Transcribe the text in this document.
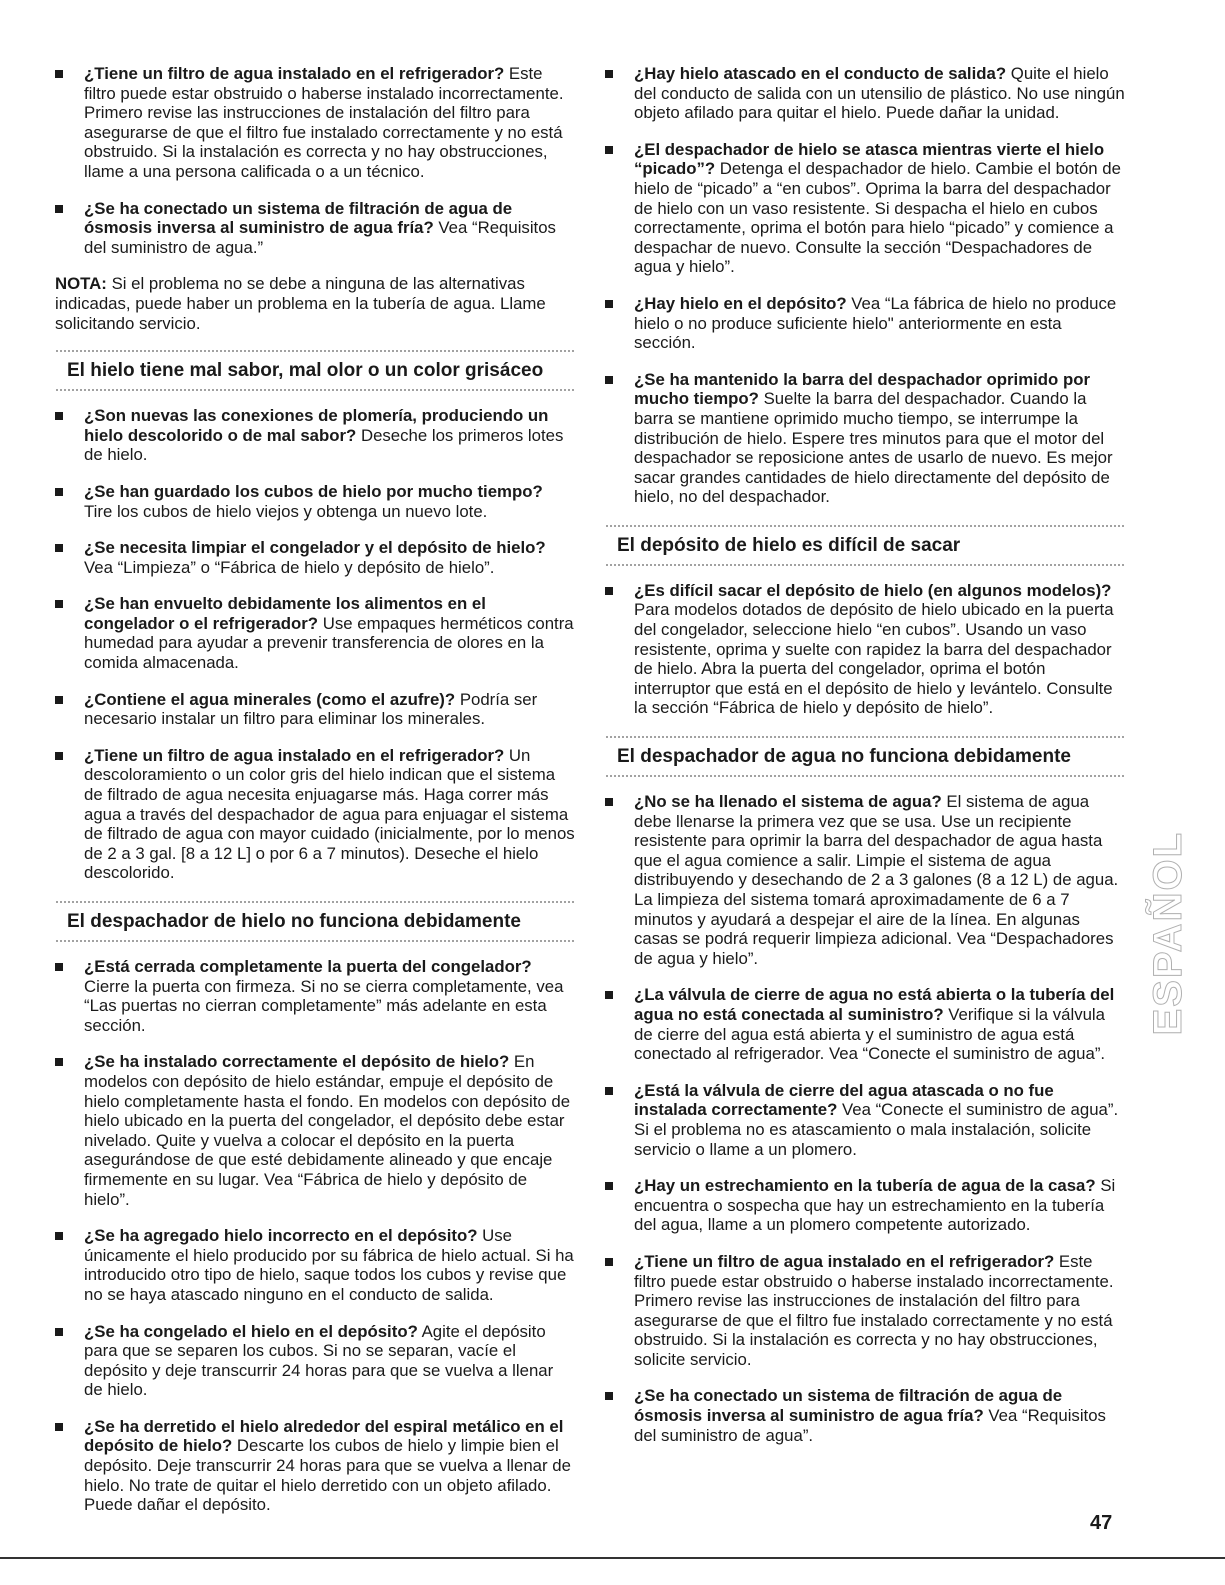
¿Tiene un filtro de agua instalado en el refrigerador? Este filtro puede estar obstruido o haberse instalado incorrectamente. Primero revise las instrucciones de instalación del filtro para asegurarse de que el filtro fue instalado correctamente y no está obstruido. Si la instalación es correcta y no hay obstrucciones, llame a una persona calificada o a un técnico.
¿Se ha conectado un sistema de filtración de agua de ósmosis inversa al suministro de agua fría? Vea “Requisitos del suministro de agua.”
NOTA: Si el problema no se debe a ninguna de las alternativas indicadas, puede haber un problema en la tubería de agua. Llame solicitando servicio.
El hielo tiene mal sabor, mal olor o un color grisáceo
¿Son nuevas las conexiones de plomería, produciendo un hielo descolorido o de mal sabor? Deseche los primeros lotes de hielo.
¿Se han guardado los cubos de hielo por mucho tiempo? Tire los cubos de hielo viejos y obtenga un nuevo lote.
¿Se necesita limpiar el congelador y el depósito de hielo? Vea “Limpieza” o “Fábrica de hielo y depósito de hielo”.
¿Se han envuelto debidamente los alimentos en el congelador o el refrigerador? Use empaques herméticos contra humedad para ayudar a prevenir transferencia de olores en la comida almacenada.
¿Contiene el agua minerales (como el azufre)? Podría ser necesario instalar un filtro para eliminar los minerales.
¿Tiene un filtro de agua instalado en el refrigerador? Un descoloramiento o un color gris del hielo indican que el sistema de filtrado de agua necesita enjuagarse más. Haga correr más agua a través del despachador de agua para enjuagar el sistema de filtrado de agua con mayor cuidado (inicialmente, por lo menos de 2 a 3 gal. [8 a 12 L] o por 6 a 7 minutos). Deseche el hielo descolorido.
El despachador de hielo no funciona debidamente
¿Está cerrada completamente la puerta del congelador? Cierre la puerta con firmeza. Si no se cierra completamente, vea “Las puertas no cierran completamente” más adelante en esta sección.
¿Se ha instalado correctamente el depósito de hielo? En modelos con depósito de hielo estándar, empuje el depósito de hielo completamente hasta el fondo. En modelos con depósito de hielo ubicado en la puerta del congelador, el depósito debe estar nivelado. Quite y vuelva a colocar el depósito en la puerta asegurándose de que esté debidamente alineado y que encaje firmemente en su lugar. Vea “Fábrica de hielo y depósito de hielo”.
¿Se ha agregado hielo incorrecto en el depósito? Use únicamente el hielo producido por su fábrica de hielo actual. Si ha introducido otro tipo de hielo, saque todos los cubos y revise que no se haya atascado ninguno en el conducto de salida.
¿Se ha congelado el hielo en el depósito? Agite el depósito para que se separen los cubos. Si no se separan, vacíe el depósito y deje transcurrir 24 horas para que se vuelva a llenar de hielo.
¿Se ha derretido el hielo alrededor del espiral metálico en el depósito de hielo? Descarte los cubos de hielo y limpie bien el depósito. Deje transcurrir 24 horas para que se vuelva a llenar de hielo. No trate de quitar el hielo derretido con un objeto afilado. Puede dañar el depósito.
¿Hay hielo atascado en el conducto de salida? Quite el hielo del conducto de salida con un utensilio de plástico. No use ningún objeto afilado para quitar el hielo. Puede dañar la unidad.
¿El despachador de hielo se atasca mientras vierte el hielo “picado”? Detenga el despachador de hielo. Cambie el botón de hielo de “picado” a “en cubos”. Oprima la barra del despachador de hielo con un vaso resistente. Si despacha el hielo en cubos correctamente, oprima el botón para hielo “picado” y comience a despachar de nuevo. Consulte la sección “Despachadores de agua y hielo”.
¿Hay hielo en el depósito? Vea “La fábrica de hielo no produce hielo o no produce suficiente hielo" anteriormente en esta sección.
¿Se ha mantenido la barra del despachador oprimido por mucho tiempo? Suelte la barra del despachador. Cuando la barra se mantiene oprimido mucho tiempo, se interrumpe la distribución de hielo. Espere tres minutos para que el motor del despachador se reposicione antes de usarlo de nuevo. Es mejor sacar grandes cantidades de hielo directamente del depósito de hielo, no del despachador.
El depósito de hielo es difícil de sacar
¿Es difícil sacar el depósito de hielo (en algunos modelos)? Para modelos dotados de depósito de hielo ubicado en la puerta del congelador, seleccione hielo “en cubos”. Usando un vaso resistente, oprima y suelte con rapidez la barra del despachador de hielo. Abra la puerta del congelador, oprima el botón interruptor que está en el depósito de hielo y levántelo. Consulte la sección “Fábrica de hielo y depósito de hielo”.
El despachador de agua no funciona debidamente
¿No se ha llenado el sistema de agua? El sistema de agua debe llenarse la primera vez que se usa. Use un recipiente resistente para oprimir la barra del despachador de agua hasta que el agua comience a salir. Limpie el sistema de agua distribuyendo y desechando de 2 a 3 galones (8 a 12 L) de agua. La limpieza del sistema tomará aproximadamente de 6 a 7 minutos y ayudará a despejar el aire de la línea. En algunas casas se podrá requerir limpieza adicional. Vea “Despachadores de agua y hielo”.
¿La válvula de cierre de agua no está abierta o la tubería del agua no está conectada al suministro? Verifique si la válvula de cierre del agua está abierta y el suministro de agua está conectado al refrigerador. Vea “Conecte el suministro de agua”.
¿Está la válvula de cierre del agua atascada o no fue instalada correctamente? Vea “Conecte el suministro de agua”. Si el problema no es atascamiento o mala instalación, solicite servicio o llame a un plomero.
¿Hay un estrechamiento en la tubería de agua de la casa? Si encuentra o sospecha que hay un estrechamiento en la tubería del agua, llame a un plomero competente autorizado.
¿Tiene un filtro de agua instalado en el refrigerador? Este filtro puede estar obstruido o haberse instalado incorrectamente. Primero revise las instrucciones de instalación del filtro para asegurarse de que el filtro fue instalado correctamente y no está obstruido. Si la instalación es correcta y no hay obstrucciones, solicite servicio.
¿Se ha conectado un sistema de filtración de agua de ósmosis inversa al suministro de agua fría? Vea “Requisitos del suministro de agua”.
ESPAÑOL
47
